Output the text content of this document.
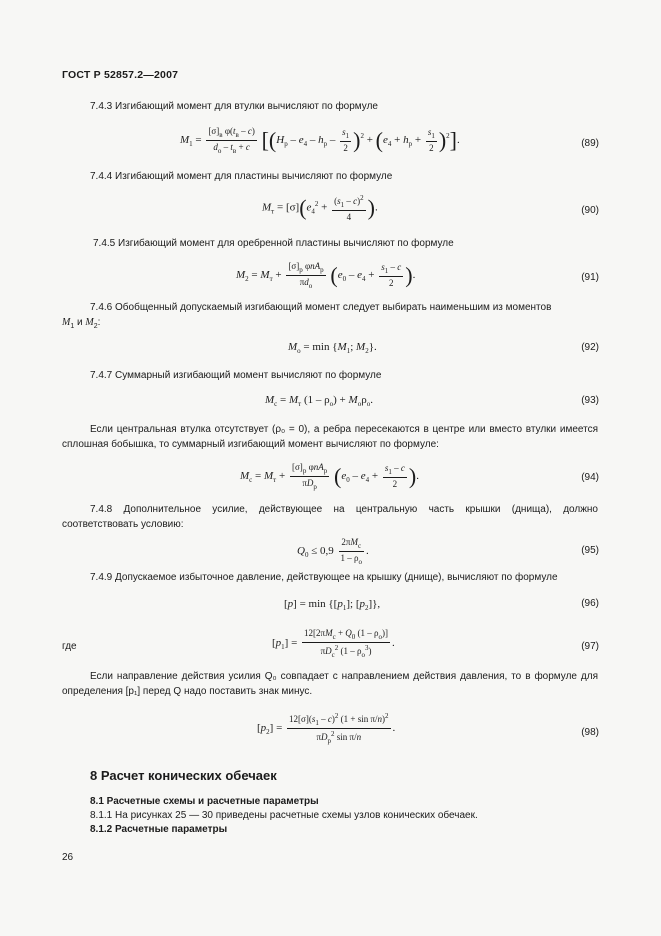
ГОСТ Р 52857.2—2007
7.4.3 Изгибающий момент для втулки вычисляют по формуле
$M_1 = \frac{[\sigma]_в \varphi(t_в - c)}{d_о - t_в + c} [(H_р - e_4 - h_р - \frac{s_1}{2} )^2 + (e_4 + h_р + \frac{s_1}{2} )^2]$.	(89)
7.4.4 Изгибающий момент для пластины вычисляют по формуле
$M_т = [\sigma](e_4^2 + \frac{(s_1 - c)^2}{4}$ ).	(90)
7.4.5 Изгибающий момент для оребренной пластины вычисляют по формуле
$M_2 = M_т + \frac{[\sigma]_р \varphi nA_р}{\pi d_о} (e_0 - e_4 + \frac{s_1 - c}{2}$ ).	(91)
7.4.6 Обобщенный допускаемый изгибающий момент следует выбирать наименьшим из моментов
$M_1$ и $M_2$:
$M_о = \min \{M_1$; $M_2$}.	(92)
7.4.7 Суммарный изгибающий момент вычисляют по формуле
$M_с = M_т$ $(1 - \rho_о) + M_о\rho_о$.	(93)
Если центральная втулка отсутствует (ρ₀ = 0), а ребра пересекаются в центре или вместо втулки имеется сплошная бобышка, то суммарный изгибающий момент вычисляют по формуле:
$M_с = M_т + \frac{[\sigma]_р \varphi nA_р}{\pi D_р} (e_0 - e_4 + \frac{s_1 - c}{2}$ ).	(94)
7.4.8 Дополнительное усилие, действующее на центральную часть крышки (днища), должно соответствовать условию:
$Q_0 \le 0,9 \frac{2\pi M_с}{1 - \rho_о}$ .	(95)
7.4.9 Допускаемое избыточное давление, действующее на крышку (днище), вычисляют по формуле
$[p] = \min \{[p_1]$; $[p_2]$},	(96)
где	$[p_1] = \frac{12[2\pi M_с + Q_0 (1 - \rho_о)]}{\pi D_с^2 (1 - \rho_о^3)}$ .	(97)
Если направление действия усилия Q₀ совпадает с направлением действия давления, то в формуле для определения [p₁] перед Q надо поставить знак минус.
$[p_2] = \frac{12[\sigma](s_1 - c)^2 (1 + \sin \pi/n)^2}{\pi D_р^2 \sin \pi/n}$ .	(98)
8 Расчет конических обечаек
8.1 Расчетные схемы и расчетные параметры
8.1.1 На рисунках 25 — 30 приведены расчетные схемы узлов конических обечаек.
8.1.2 Расчетные параметры
26
